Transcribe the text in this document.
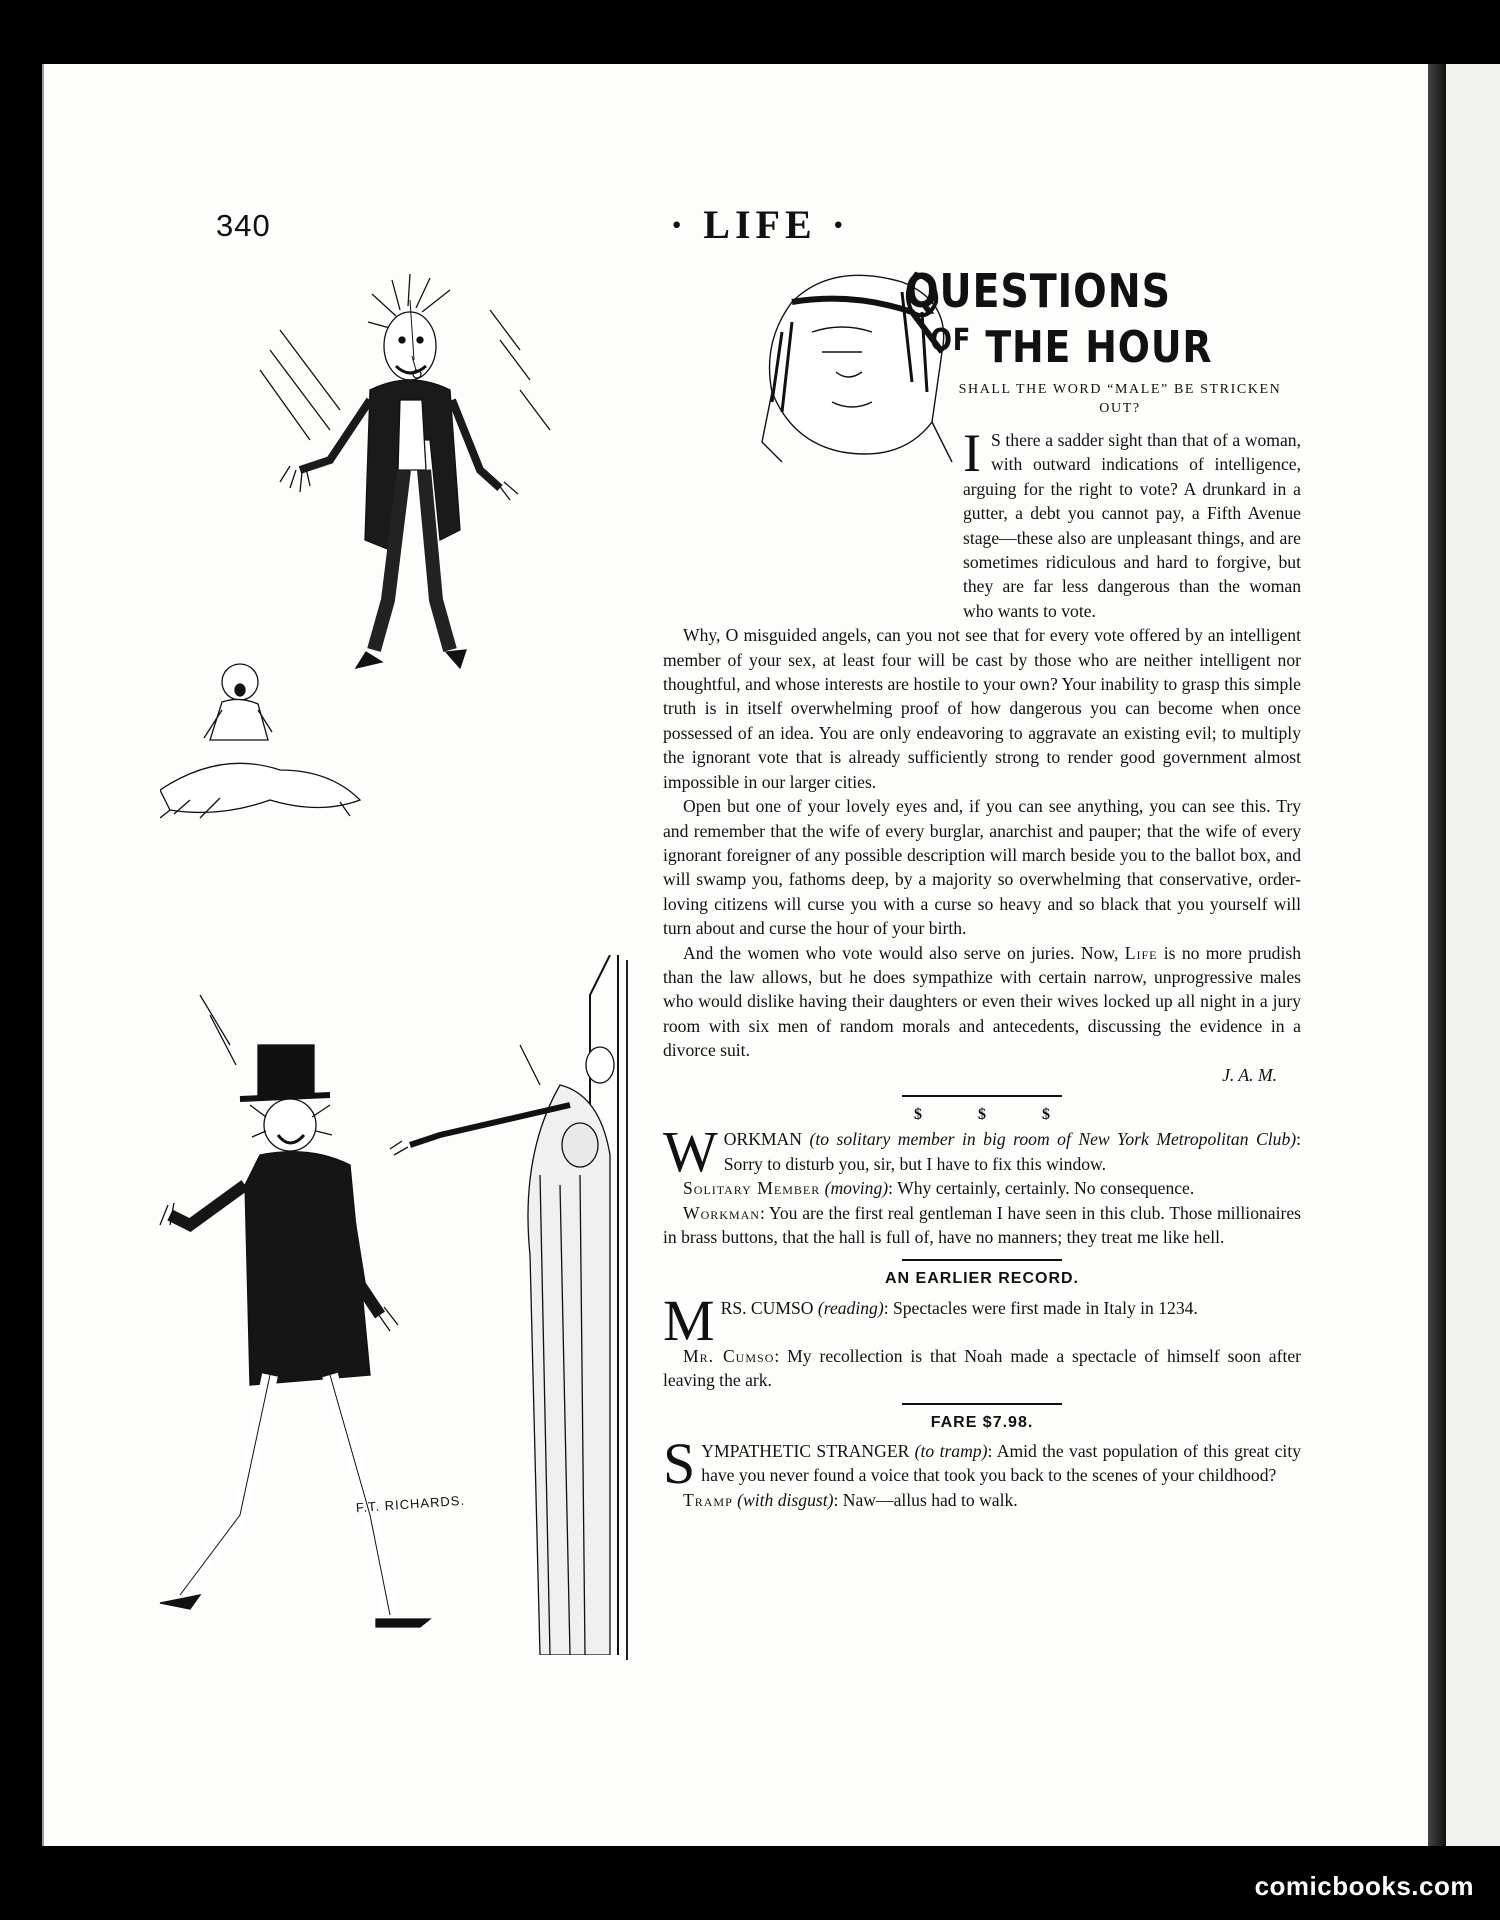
340	· LIFE ·
F.T. RICHARDS.
QUESTIONS
$^{OF}$ THE HOUR
SHALL THE WORD “MALE” BE STRICKEN OUT?

I S there a sadder sight than that of a woman, with outward indications of intelligence, arguing for the right to vote? A drunkard in a gutter, a debt you cannot pay, a Fifth Avenue stage—these also are unpleasant things, and are sometimes ridiculous and hard to forgive, but they are far less dangerous than the woman who wants to vote.

Why, O misguided angels, can you not see that for every vote offered by an intelligent member of your sex, at least four will be cast by those who are neither intelligent nor thoughtful, and whose interests are hostile to your own? Your inability to grasp this simple truth is in itself overwhelming proof of how dangerous you can become when once possessed of an idea. You are only endeavoring to aggravate an existing evil; to multiply the ignorant vote that is already sufficiently strong to render good government almost impossible in our larger cities.

Open but one of your lovely eyes and, if you can see anything, you can see this. Try and remember that the wife of every burglar, anarchist and pauper; that the wife of every ignorant foreigner of any possible description will march beside you to the ballot box, and will swamp you, fathoms deep, by a majority so overwhelming that conservative, order-loving citizens will curse you with a curse so heavy and so black that you yourself will turn about and curse the hour of your birth.

And the women who vote would also serve on juries. Now, Life is no more prudish than the law allows, but he does sympathize with certain narrow, unprogressive males who would dislike having their daughters or even their wives locked up all night in a jury room with six men of random morals and antecedents, discussing the evidence in a divorce suit.

J. A. M.
$ $ $

WORKMAN (to solitary member in big room of New York Metropolitan Club): Sorry to disturb you, sir, but I have to fix this window.

Solitary Member (moving): Why certainly, certainly. No consequence.

Workman: You are the first real gentleman I have seen in this club. Those millionaires in brass buttons, that the hall is full of, have no manners; they treat me like hell.

AN EARLIER RECORD.

MRS. CUMSO (reading): Spectacles were first made in Italy in 1234.

Mr. Cumso: My recollection is that Noah made a spectacle of himself soon after leaving the ark.

FARE $7.98.

SYMPATHETIC STRANGER (to tramp): Amid the vast population of this great city have you never found a voice that took you back to the scenes of your childhood?

Tramp (with disgust): Naw—allus had to walk.

comicbooks.com
